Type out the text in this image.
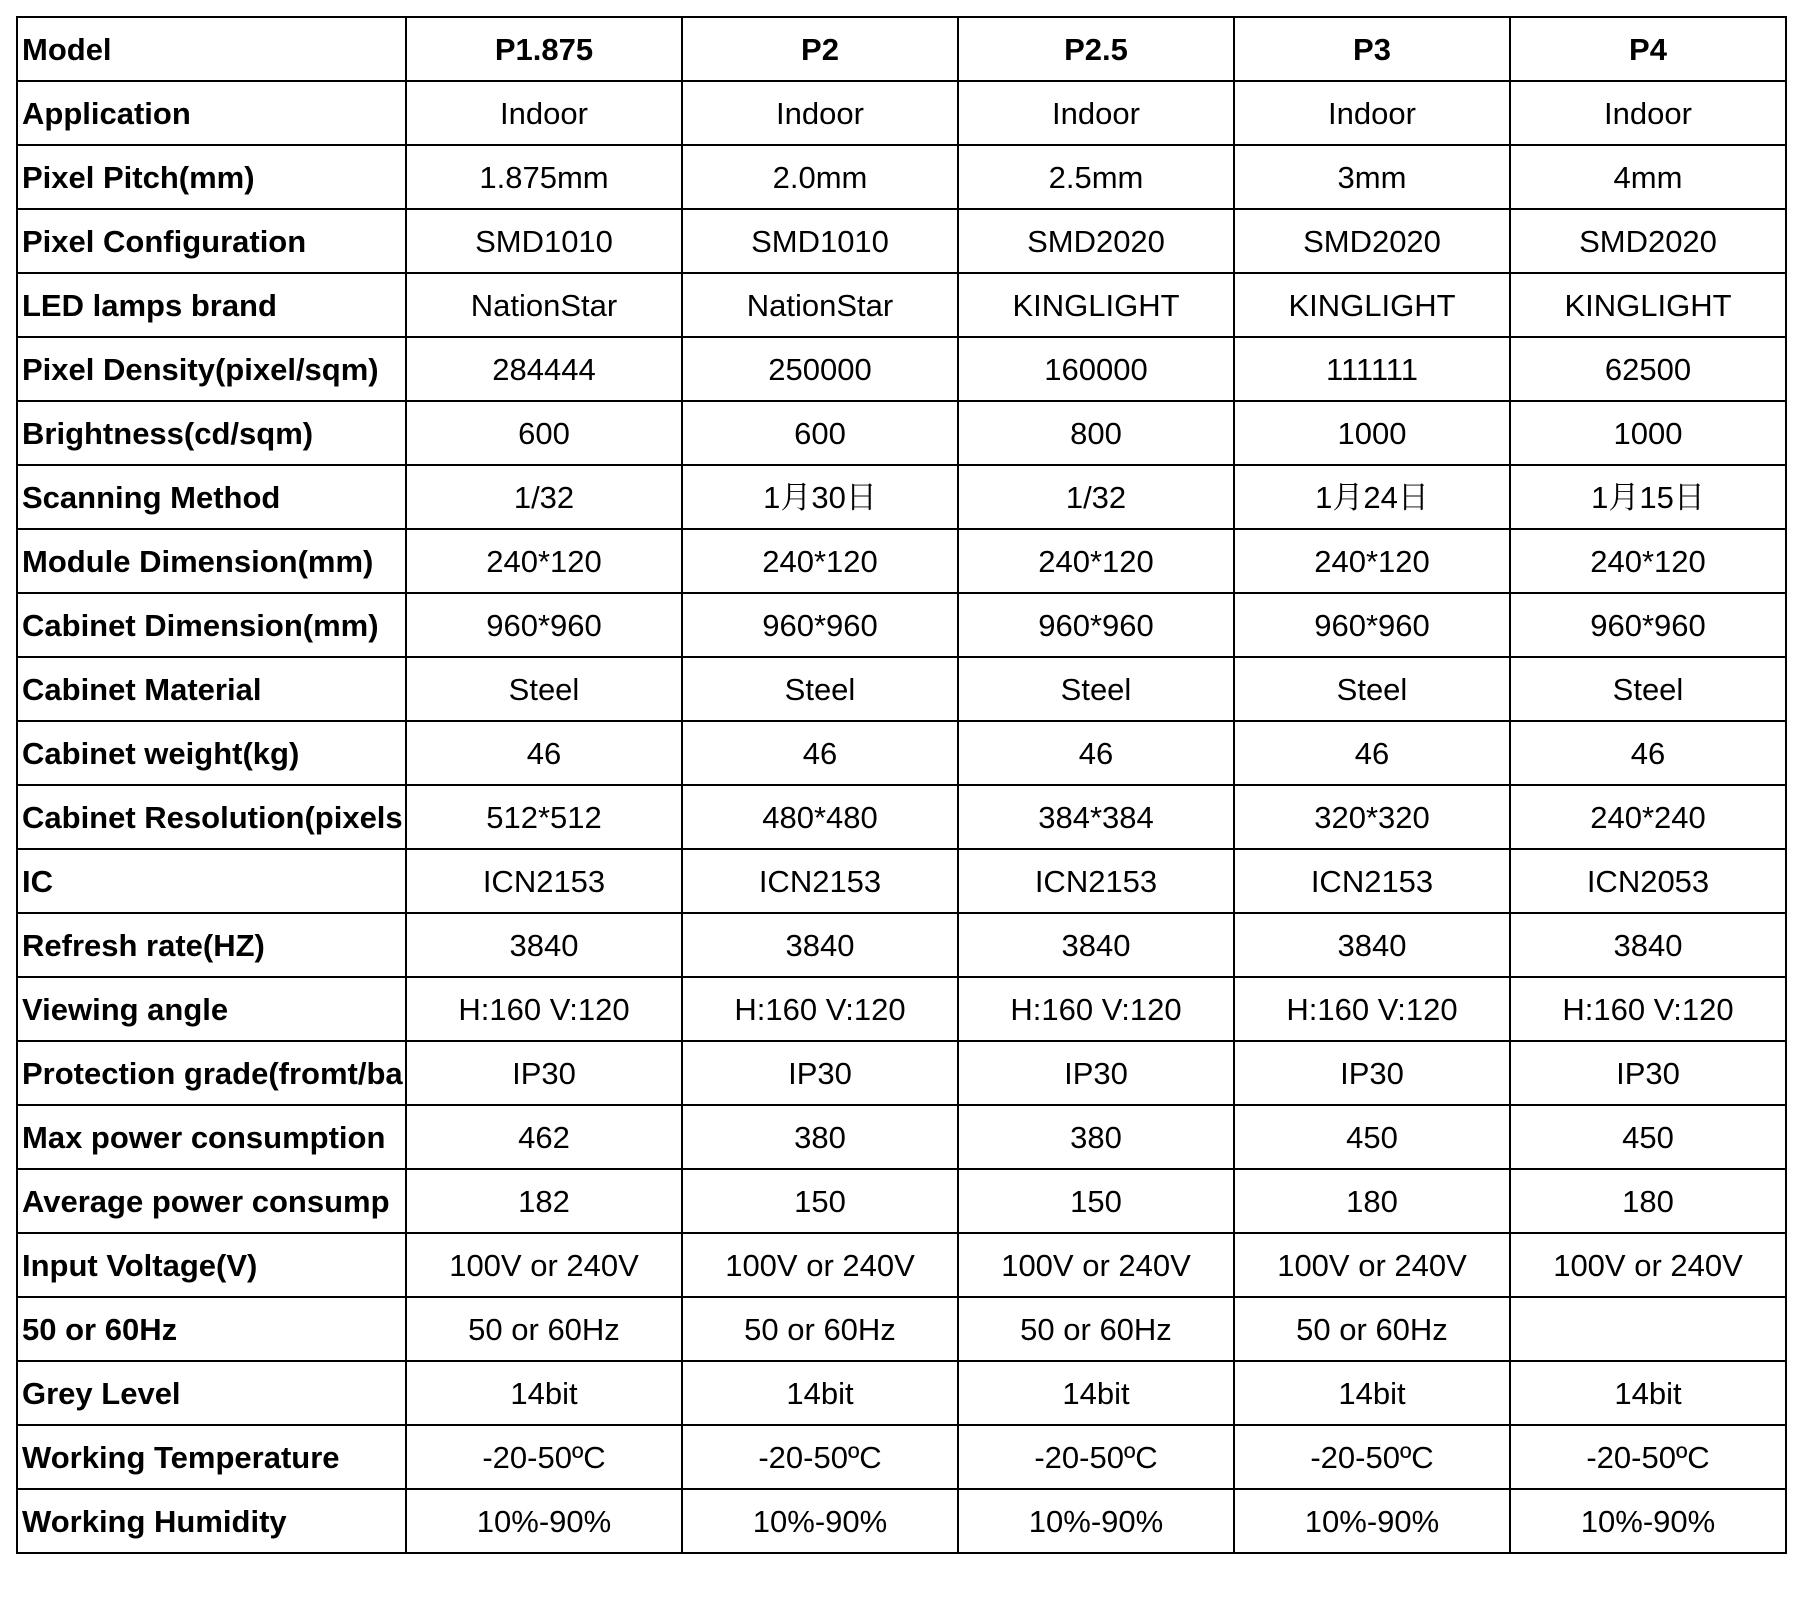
Model	P1.875	P2	P2.5	P3	P4
Application	Indoor	Indoor	Indoor	Indoor	Indoor
Pixel Pitch(mm)	1.875mm	2.0mm	2.5mm	3mm	4mm
Pixel Configuration	SMD1010	SMD1010	SMD2020	SMD2020	SMD2020
LED lamps brand	NationStar	NationStar	KINGLIGHT	KINGLIGHT	KINGLIGHT
Pixel Density(pixel/sqm)	284444	250000	160000	111111	62500
Brightness(cd/sqm)	600	600	800	1000	1000
Scanning Method	1/32	1月30日	1/32	1月24日	1月15日
Module Dimension(mm)	240*120	240*120	240*120	240*120	240*120
Cabinet Dimension(mm)	960*960	960*960	960*960	960*960	960*960
Cabinet Material	Steel	Steel	Steel	Steel	Steel
Cabinet weight(kg)	46	46	46	46	46
Cabinet Resolution(pixels	512*512	480*480	384*384	320*320	240*240
IC	ICN2153	ICN2153	ICN2153	ICN2153	ICN2053
Refresh rate(HZ)	3840	3840	3840	3840	3840
Viewing angle	H:160 V:120	H:160 V:120	H:160 V:120	H:160 V:120	H:160 V:120
Protection grade(fromt/ba	IP30	IP30	IP30	IP30	IP30
Max power consumption	462	380	380	450	450
Average power consump	182	150	150	180	180
Input Voltage(V)	100V or 240V	100V or 240V	100V or 240V	100V or 240V	100V or 240V
50 or 60Hz	50 or 60Hz	50 or 60Hz	50 or 60Hz	50 or 60Hz	
Grey Level	14bit	14bit	14bit	14bit	14bit
Working Temperature	-20-50ºC	-20-50ºC	-20-50ºC	-20-50ºC	-20-50ºC
Working Humidity	10%-90%	10%-90%	10%-90%	10%-90%	10%-90%
